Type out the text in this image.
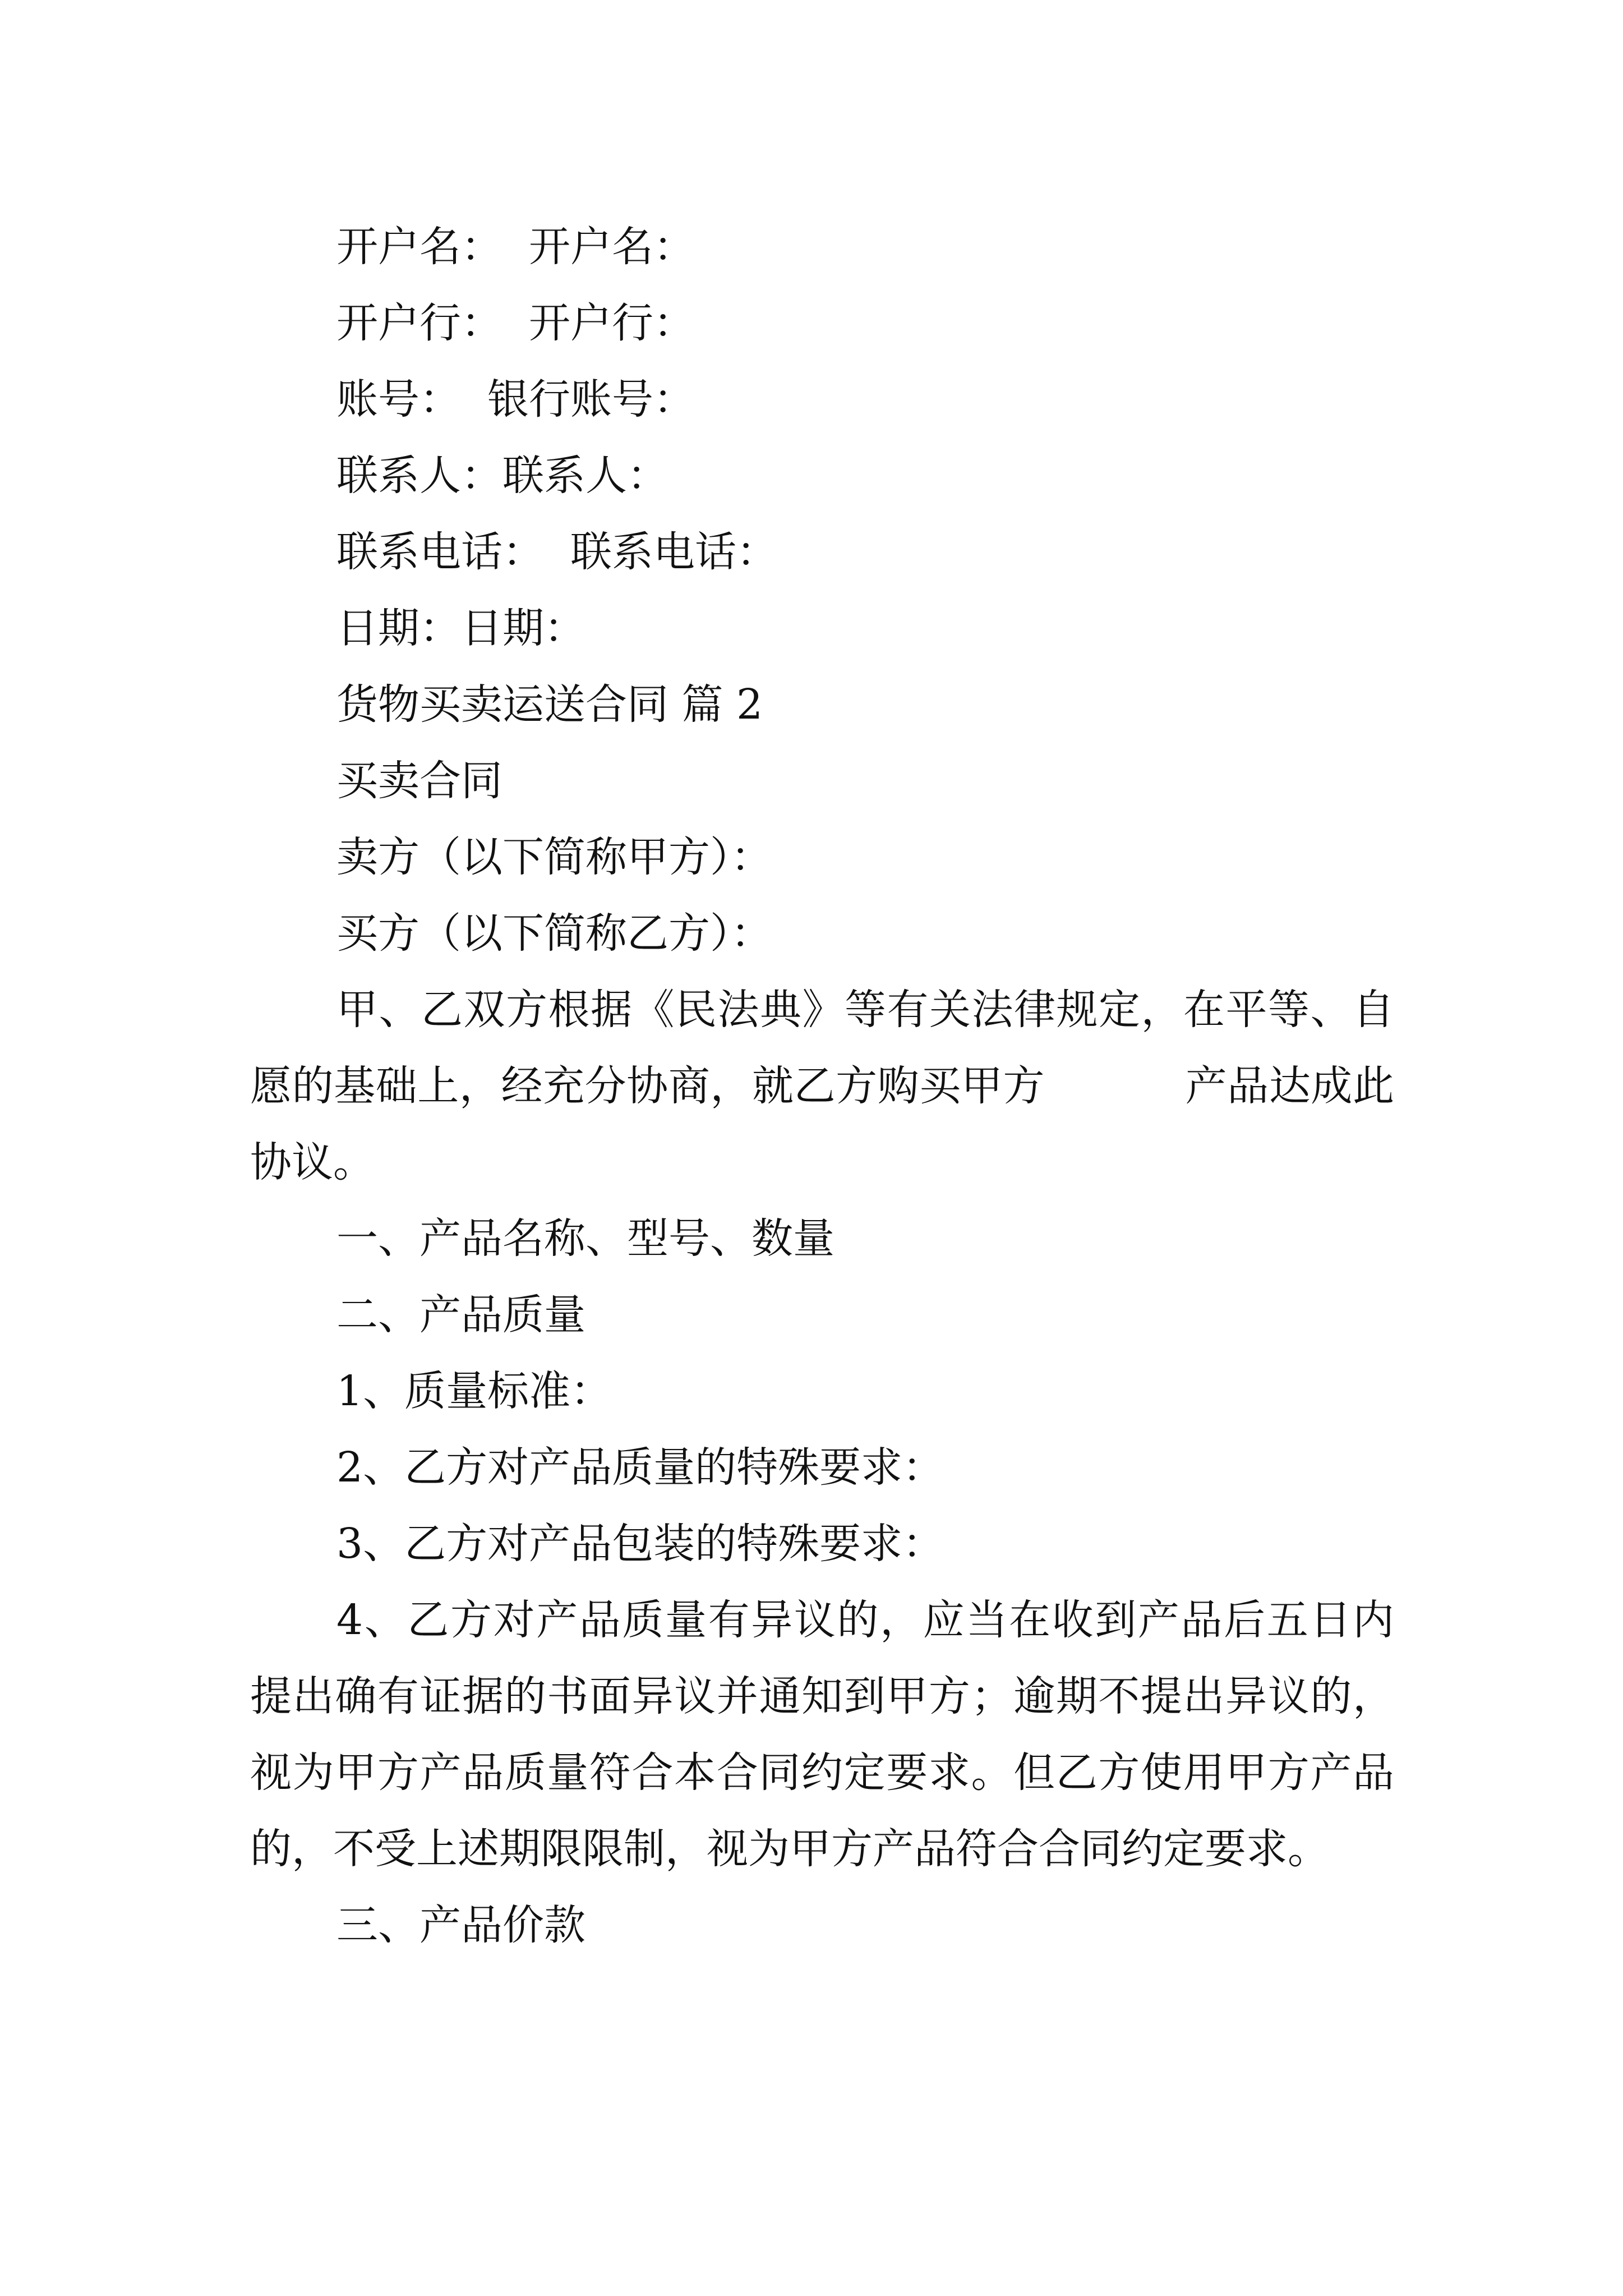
开户名：  开户名：

开户行：  开户行：

账号：  银行账号：

联系人：联系人：

联系电话：  联系电话：

日期：日期：

货物买卖运送合同 篇 2

买卖合同

卖方（以下简称甲方）：

买方（以下简称乙方）：

甲、乙双方根据《民法典》等有关法律规定，在平等、自愿的基础上，经充分协商，就乙方购买甲方	产品达成此协议。

一、产品名称、型号、数量

二、产品质量

1、质量标准：

2、乙方对产品质量的特殊要求：

3、乙方对产品包装的特殊要求：

4、乙方对产品质量有异议的，应当在收到产品后五日内提出确有证据的书面异议并通知到甲方；逾期不提出异议的，视为甲方产品质量符合本合同约定要求。但乙方使用甲方产品的，不受上述期限限制，视为甲方产品符合合同约定要求。

三、产品价款
